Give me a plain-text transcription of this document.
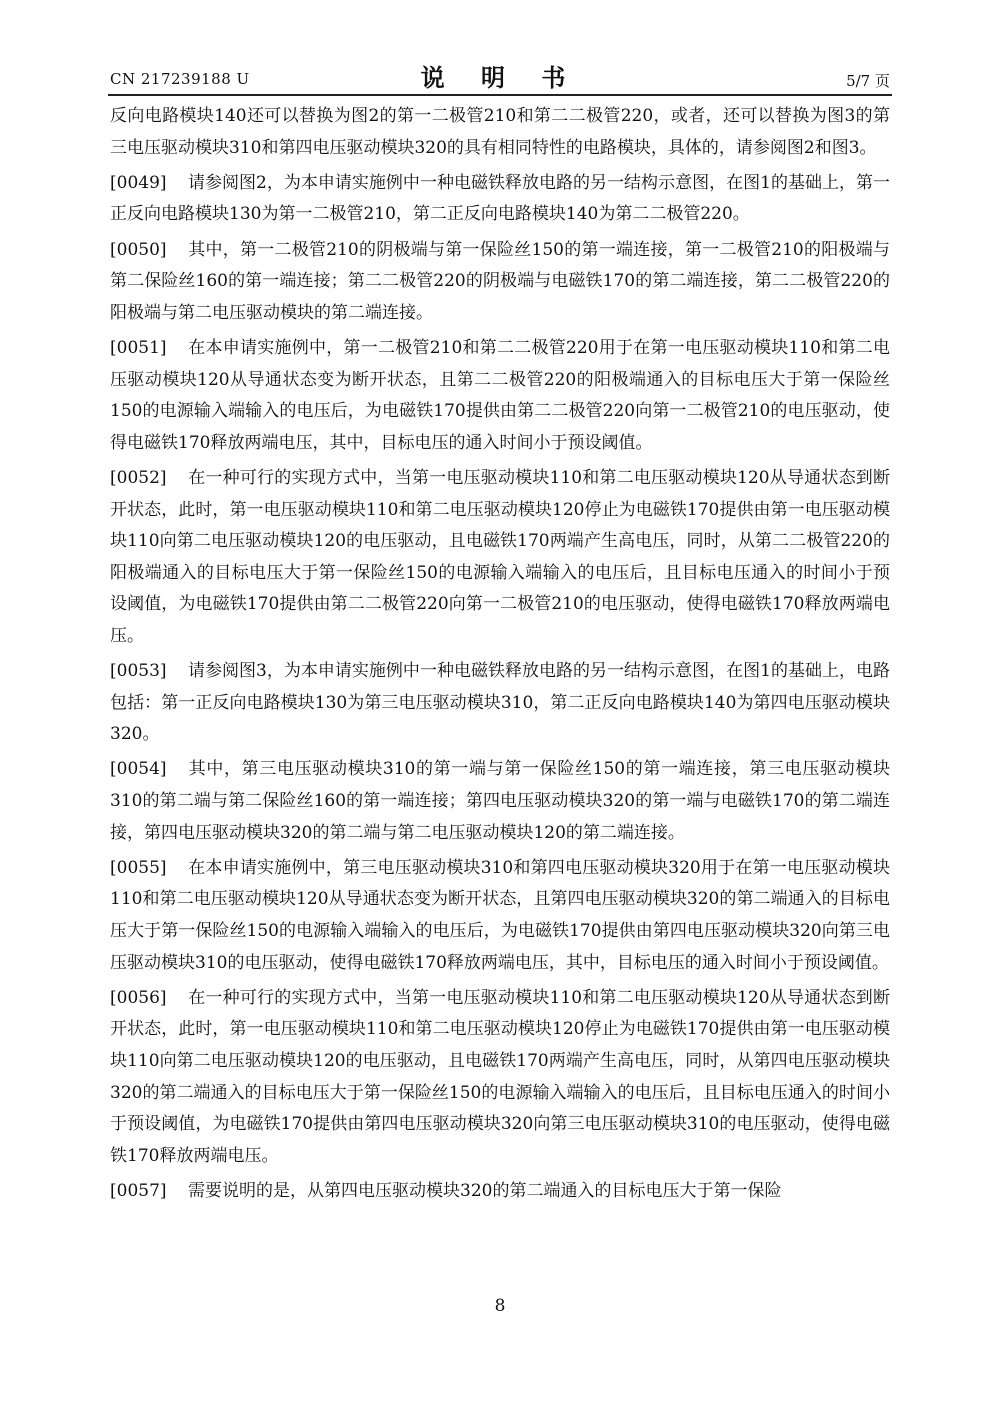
CN 217239188 U	说 明 书	5/7 页

反向电路模块140还可以替换为图2的第一二极管210和第二二极管220，或者，还可以替换为图3的第三电压驱动模块310和第四电压驱动模块320的具有相同特性的电路模块，具体的，请参阅图2和图3。

[0049] 请参阅图2，为本申请实施例中一种电磁铁释放电路的另一结构示意图，在图1的基础上，第一正反向电路模块130为第一二极管210，第二正反向电路模块140为第二二极管220。

[0050] 其中，第一二极管210的阴极端与第一保险丝150的第一端连接，第一二极管210的阳极端与第二保险丝160的第一端连接；第二二极管220的阴极端与电磁铁170的第二端连接，第二二极管220的阳极端与第二电压驱动模块的第二端连接。

[0051] 在本申请实施例中，第一二极管210和第二二极管220用于在第一电压驱动模块110和第二电压驱动模块120从导通状态变为断开状态，且第二二极管220的阳极端通入的目标电压大于第一保险丝150的电源输入端输入的电压后，为电磁铁170提供由第二二极管220向第一二极管210的电压驱动，使得电磁铁170释放两端电压，其中，目标电压的通入时间小于预设阈值。

[0052] 在一种可行的实现方式中，当第一电压驱动模块110和第二电压驱动模块120从导通状态到断开状态，此时，第一电压驱动模块110和第二电压驱动模块120停止为电磁铁170提供由第一电压驱动模块110向第二电压驱动模块120的电压驱动，且电磁铁170两端产生高电压，同时，从第二二极管220的阳极端通入的目标电压大于第一保险丝150的电源输入端输入的电压后，且目标电压通入的时间小于预设阈值，为电磁铁170提供由第二二极管220向第一二极管210的电压驱动，使得电磁铁170释放两端电压。

[0053] 请参阅图3，为本申请实施例中一种电磁铁释放电路的另一结构示意图，在图1的基础上，电路包括：第一正反向电路模块130为第三电压驱动模块310，第二正反向电路模块140为第四电压驱动模块320。

[0054] 其中，第三电压驱动模块310的第一端与第一保险丝150的第一端连接，第三电压驱动模块310的第二端与第二保险丝160的第一端连接；第四电压驱动模块320的第一端与电磁铁170的第二端连接，第四电压驱动模块320的第二端与第二电压驱动模块120的第二端连接。

[0055] 在本申请实施例中，第三电压驱动模块310和第四电压驱动模块320用于在第一电压驱动模块110和第二电压驱动模块120从导通状态变为断开状态，且第四电压驱动模块320的第二端通入的目标电压大于第一保险丝150的电源输入端输入的电压后，为电磁铁170提供由第四电压驱动模块320向第三电压驱动模块310的电压驱动，使得电磁铁170释放两端电压，其中，目标电压的通入时间小于预设阈值。

[0056] 在一种可行的实现方式中，当第一电压驱动模块110和第二电压驱动模块120从导通状态到断开状态，此时，第一电压驱动模块110和第二电压驱动模块120停止为电磁铁170提供由第一电压驱动模块110向第二电压驱动模块120的电压驱动，且电磁铁170两端产生高电压，同时，从第四电压驱动模块320的第二端通入的目标电压大于第一保险丝150的电源输入端输入的电压后，且目标电压通入的时间小于预设阈值，为电磁铁170提供由第四电压驱动模块320向第三电压驱动模块310的电压驱动，使得电磁铁170释放两端电压。

[0057] 需要说明的是，从第四电压驱动模块320的第二端通入的目标电压大于第一保险

8
